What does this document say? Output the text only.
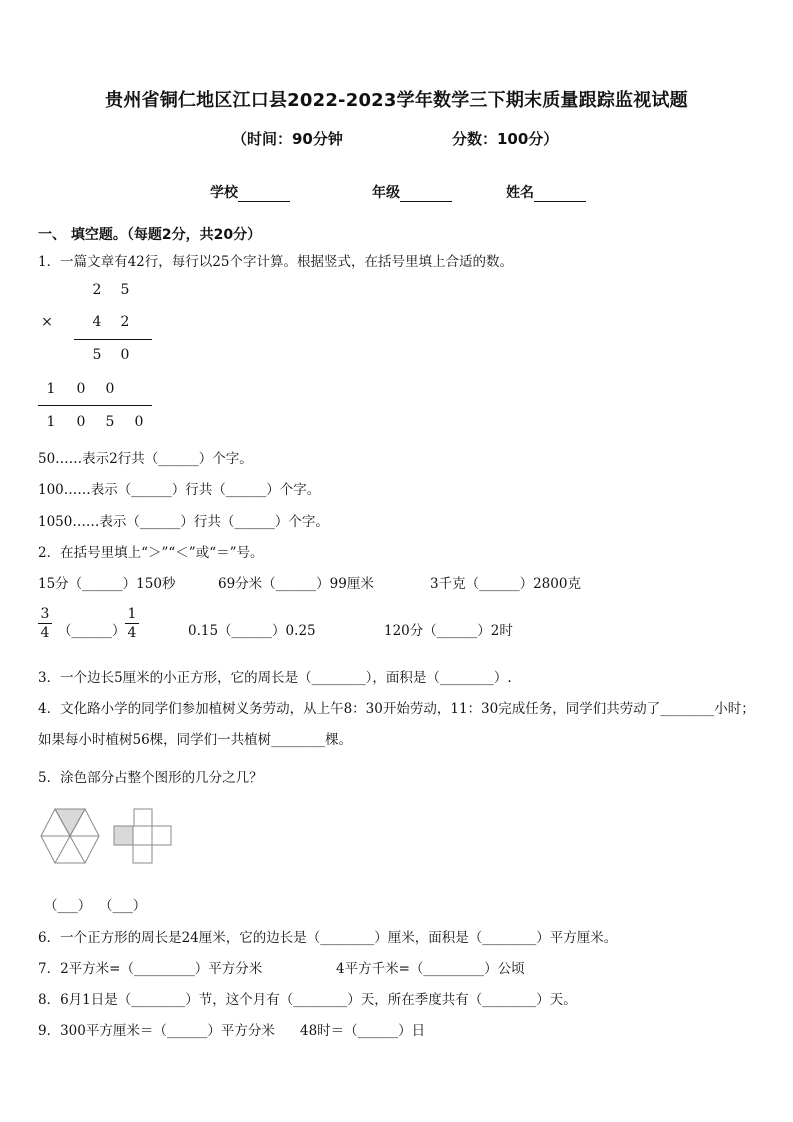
贵州省铜仁地区江口县2022-2023学年数学三下期末质量跟踪监视试题
（时间：90分钟	分数：100分）
学校	年级	姓名
一、 填空题。（每题2分，共20分）
1．一篇文章有42行，每行以25个字计算。根据竖式，在括号里填上合适的数。
2 5
×	4 2
5 0
1 0 0
1 0 5 0
50……表示2行共（______）个字。
100……表示（______）行共（______）个字。
1050……表示（______）行共（______）个字。
2．在括号里填上“＞”“＜”或“＝”号。
15分（______）150秒	69分米（______）99厘米	3千克（______）2800克
3
4 （______）
1
4	0.15（______）0.25	120分（______）2时
3．一个边长5厘米的小正方形，它的周长是（________），面积是（________）.
4．文化路小学的同学们参加植树义务劳动，从上午8：30开始劳动，11：30完成任务，同学们共劳动了________小时；
如果每小时植树56棵，同学们一共植树________棵。
5．涂色部分占整个图形的几分之几？
（___） （___）
6．一个正方形的周长是24厘米，它的边长是（________）厘米，面积是（________）平方厘米。
7．2平方米=（_________）平方分米	4平方千米=（_________）公顷
8．6月1日是（________）节，这个月有（________）天，所在季度共有（________）天。
9．300平方厘米＝（______）平方分米 48时＝（______）日
